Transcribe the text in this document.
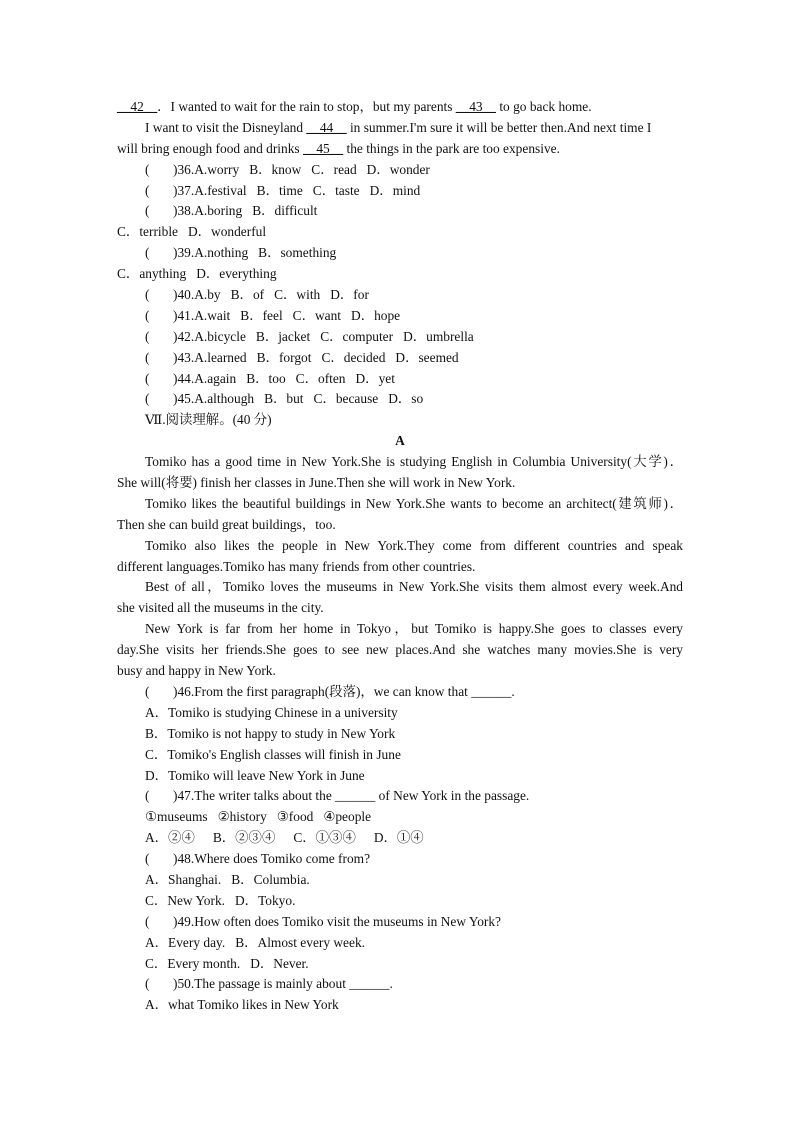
__42__．I wanted to wait for the rain to stop，but my parents __43__ to go back home.
I want to visit the Disneyland __44__ in summer.I'm sure it will be better then.And next time I
will bring enough food and drinks __45__ the things in the park are too expensive.
( )36.A.worry B．know C．read D．wonder
( )37.A.festival B．time C．taste D．mind
( )38.A.boring B．difficult
C．terrible D．wonderful
( )39.A.nothing B．something
C．anything D．everything
( )40.A.by B．of C．with D．for
( )41.A.wait B．feel C．want D．hope
( )42.A.bicycle B．jacket C．computer D．umbrella
( )43.A.learned B．forgot C．decided D．seemed
( )44.A.again B．too C．often D．yet
( )45.A.although B．but C．because D．so
Ⅶ.阅读理解。(40 分)
A
Tomiko has a good time in New York.She is studying English in Columbia University(大学)．
She will(将要) finish her classes in June.Then she will work in New York.
Tomiko likes the beautiful buildings in New York.She wants to become an architect(建筑师)．
Then she can build great buildings，too.
Tomiko also likes the people in New York.They come from different countries and speak
different languages.Tomiko has many friends from other countries.
Best of all，Tomiko loves the museums in New York.She visits them almost every week.And
she visited all the museums in the city.
New York is far from her home in Tokyo，but Tomiko is happy.She goes to classes every
day.She visits her friends.She goes to see new places.And she watches many movies.She is very
busy and happy in New York.
( )46.From the first paragraph(段落)，we can know that ______.
A．Tomiko is studying Chinese in a university
B．Tomiko is not happy to study in New York
C．Tomiko's English classes will finish in June
D．Tomiko will leave New York in June
( )47.The writer talks about the ______ of New York in the passage.
①museums ②history ③food ④people
A．②④ B．②③④ C．①③④ D．①④
( )48.Where does Tomiko come from?
A．Shanghai. B．Columbia.
C．New York. D．Tokyo.
( )49.How often does Tomiko visit the museums in New York?
A．Every day. B．Almost every week.
C．Every month. D．Never.
( )50.The passage is mainly about ______.
A．what Tomiko likes in New York
